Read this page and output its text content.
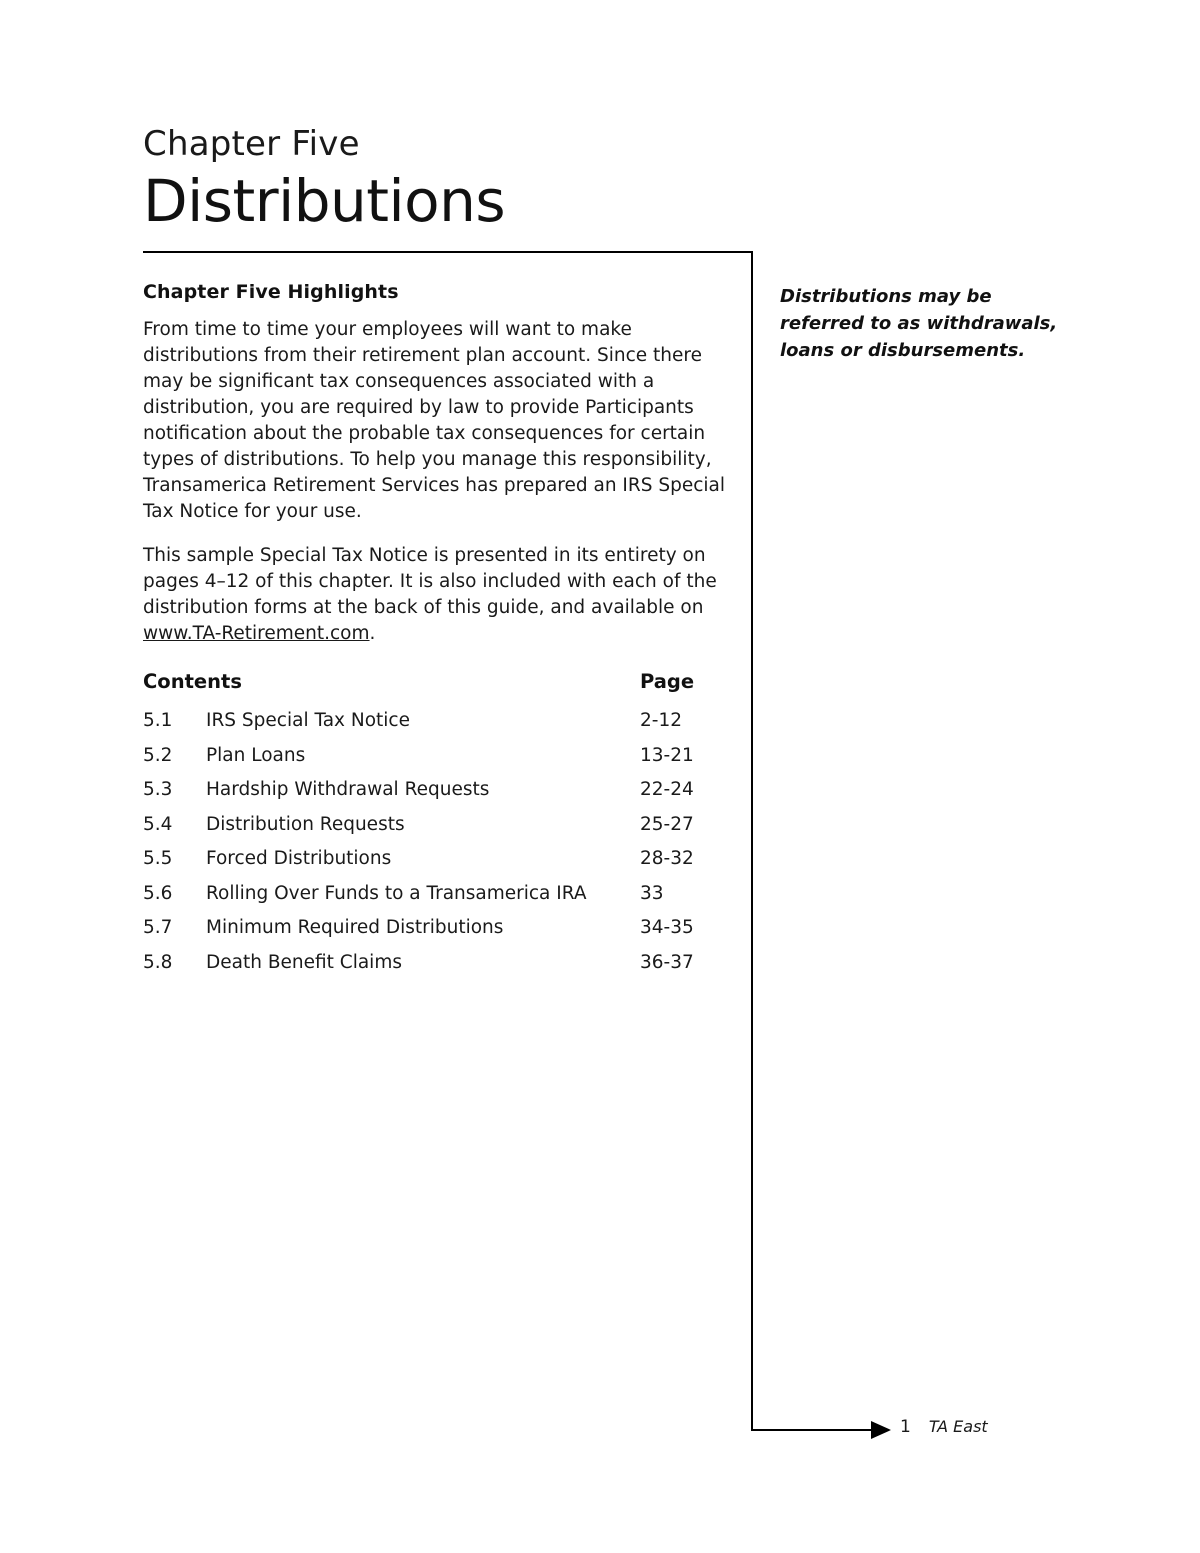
Chapter Five
Distributions
Chapter Five Highlights

From time to time your employees will want to make distributions from their retirement plan account. Since there may be significant tax consequences associated with a distribution, you are required by law to provide Participants notification about the probable tax consequences for certain types of distributions. To help you manage this responsibility, Transamerica Retirement Services has prepared an IRS Special Tax Notice for your use.

This sample Special Tax Notice is presented in its entirety on pages 4–12 of this chapter. It is also included with each of the distribution forms at the back of this guide, and available on www.TA-Retirement.com.

Contents	Page
5.1	IRS Special Tax Notice	2-12
5.2	Plan Loans	13-21
5.3	Hardship Withdrawal Requests	22-24
5.4	Distribution Requests	25-27
5.5	Forced Distributions	28-32
5.6	Rolling Over Funds to a Transamerica IRA	33
5.7	Minimum Required Distributions	34-35
5.8	Death Benefit Claims	36-37
Distributions may be referred to as withdrawals, loans or disbursements.
1 TA East
